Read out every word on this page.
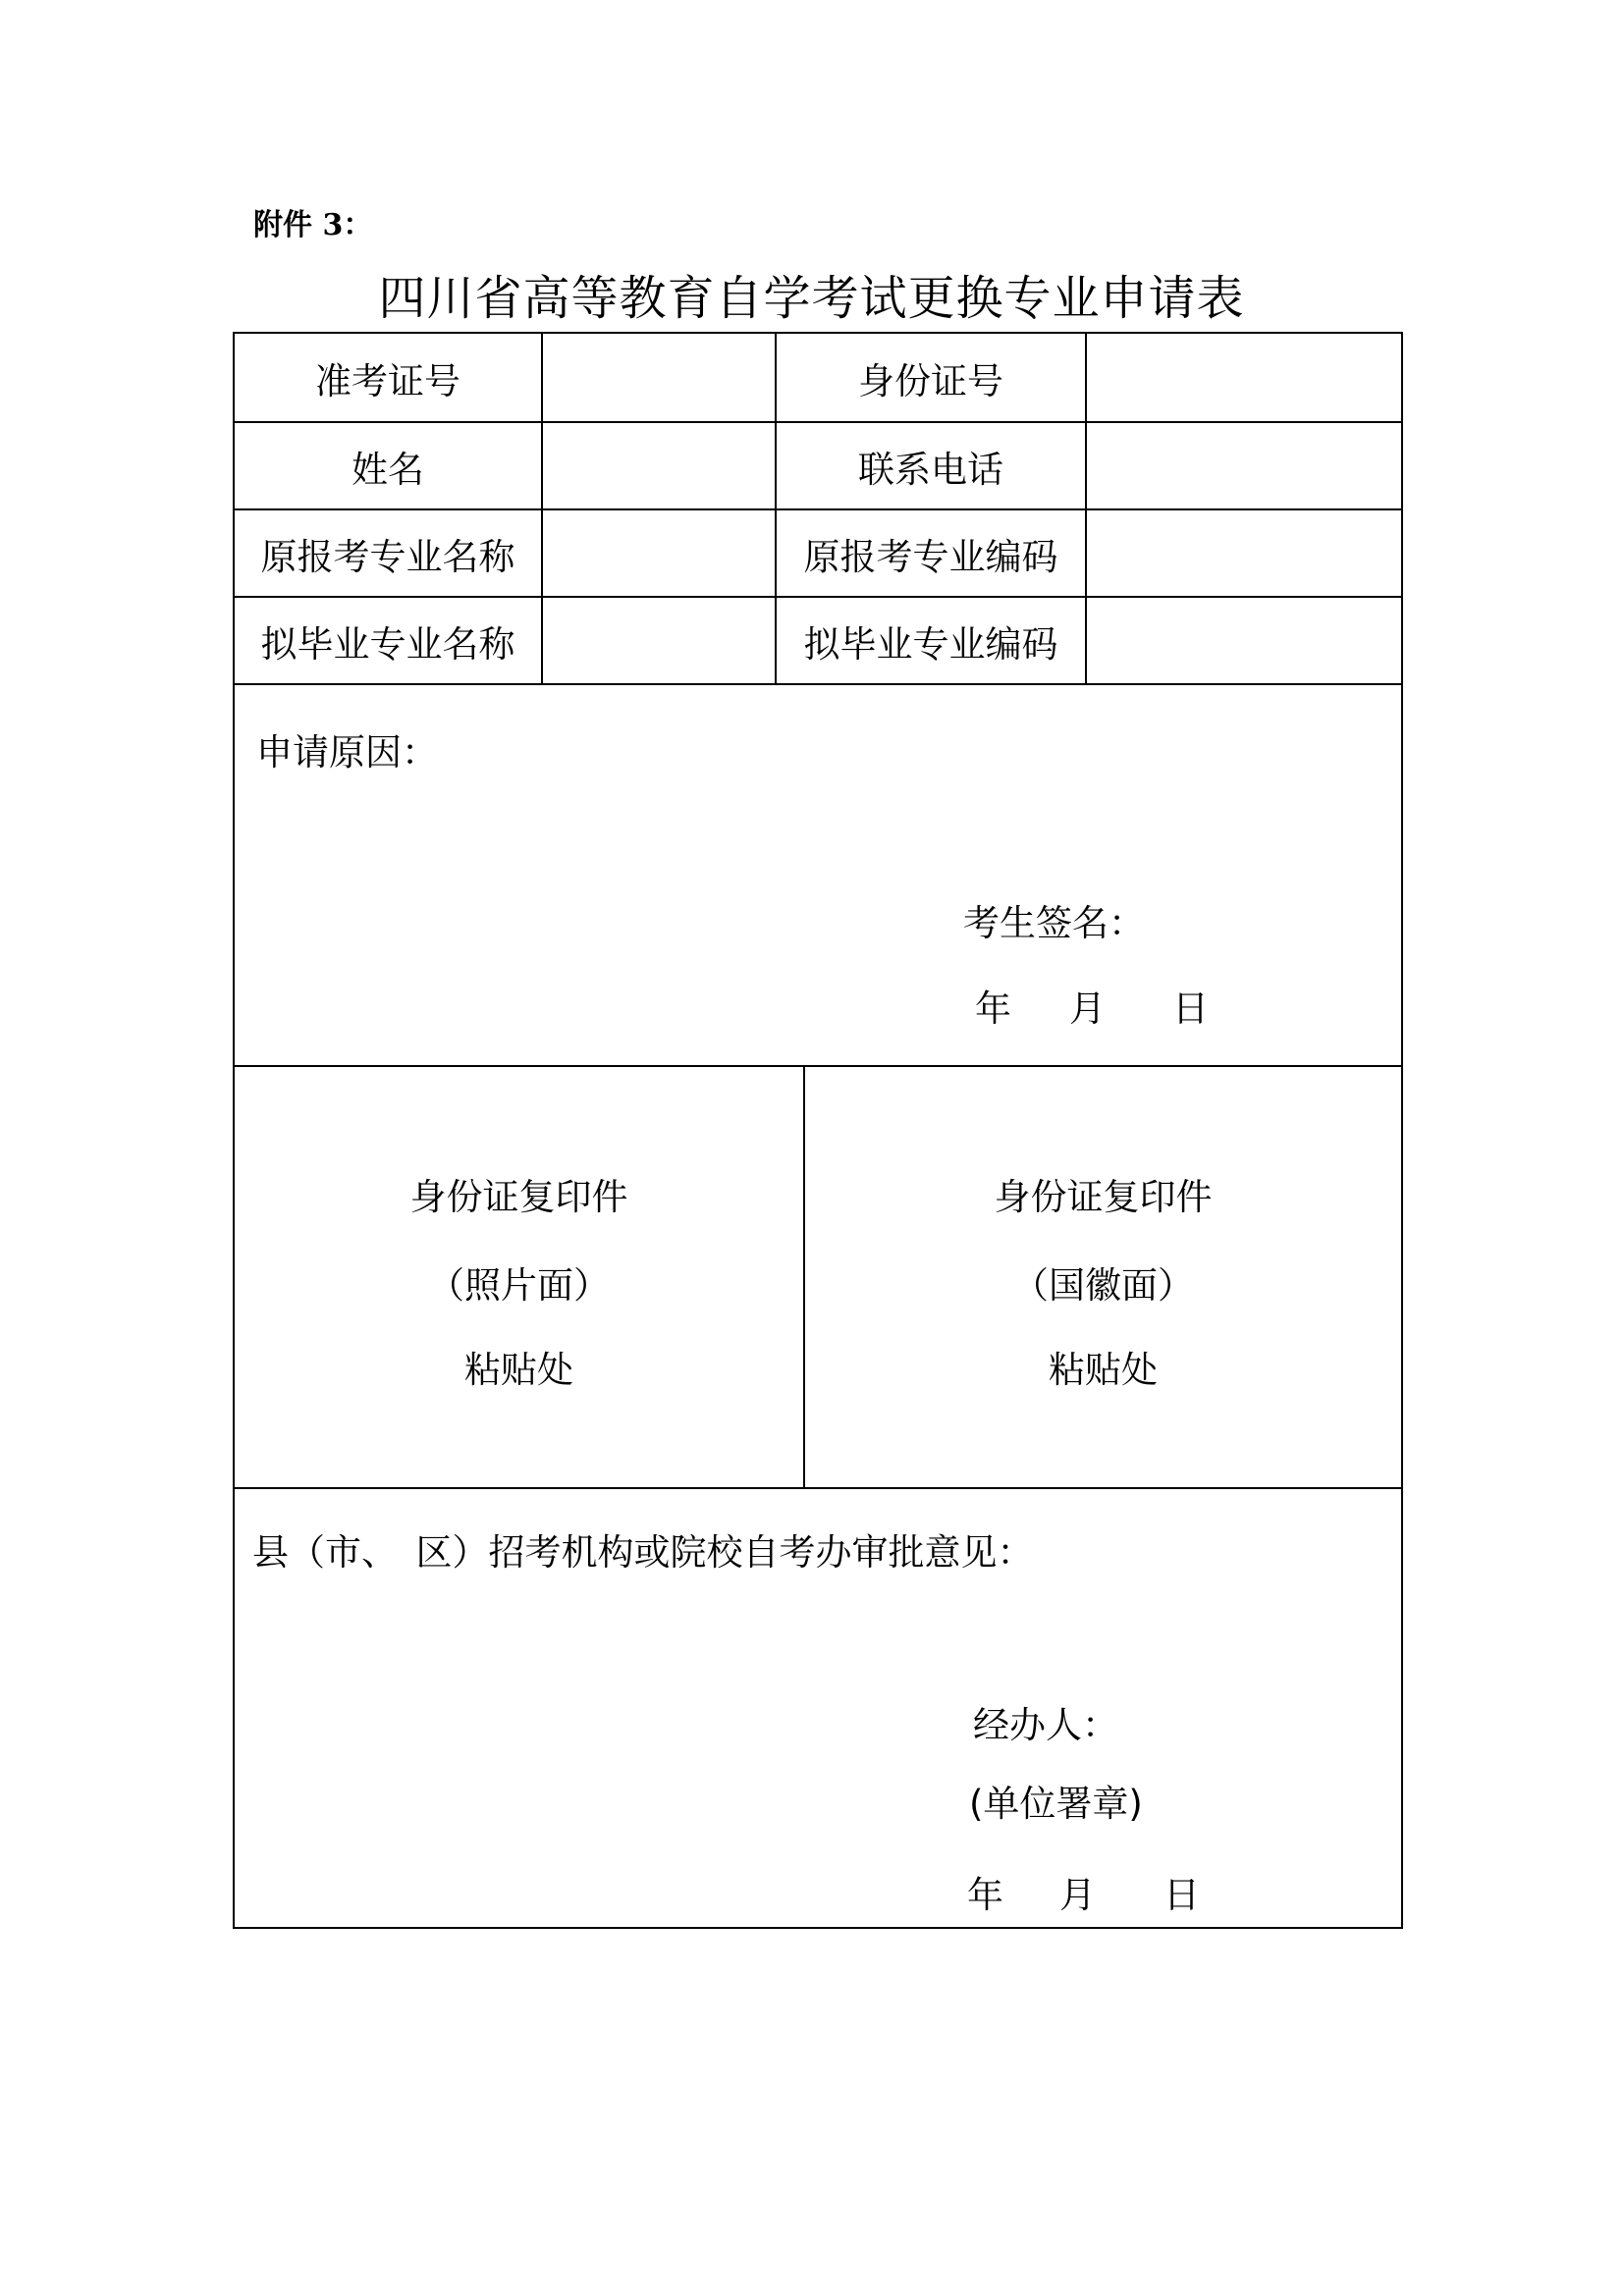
附件 3：
四川省高等教育自学考试更换专业申请表
准考证号	身份证号
姓名	联系电话
原报考专业名称	原报考专业编码
拟毕业专业名称	拟毕业专业编码
申请原因：
考生签名：
年 月 日
身份证复印件
（照片面）
粘贴处
身份证复印件
（国徽面）
粘贴处
县（市、　区）招考机构或院校自考办审批意见：
经办人：
(单位署章)
年 月 日
